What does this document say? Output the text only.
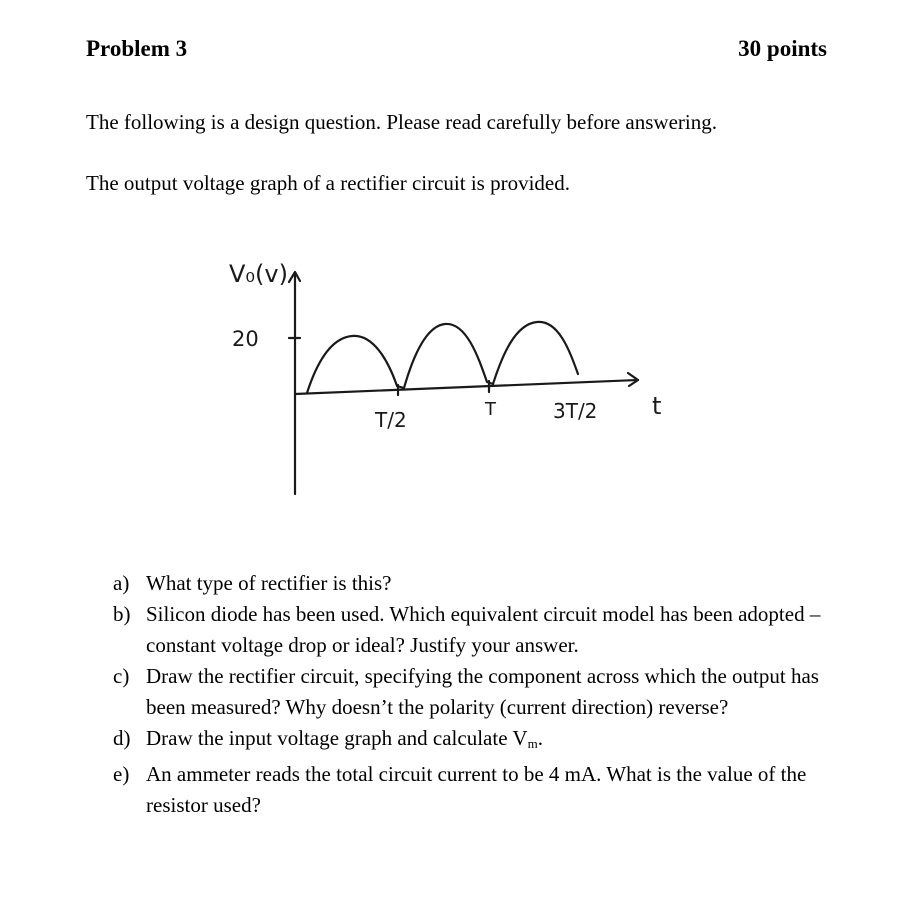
Problem 3	30 points

The following is a design question. Please read carefully before answering.

The output voltage graph of a rectifier circuit is provided.

V₀(v)
20
T/2	T	3T/2 t
a) What type of rectifier is this?
b) Silicon diode has been used. Which equivalent circuit model has been adopted – constant voltage drop or ideal? Justify your answer.
c) Draw the rectifier circuit, specifying the component across which the output has been measured? Why doesn’t the polarity (current direction) reverse?
d) Draw the input voltage graph and calculate $V_m$.
e) An ammeter reads the total circuit current to be 4 mA. What is the value of the resistor used?
